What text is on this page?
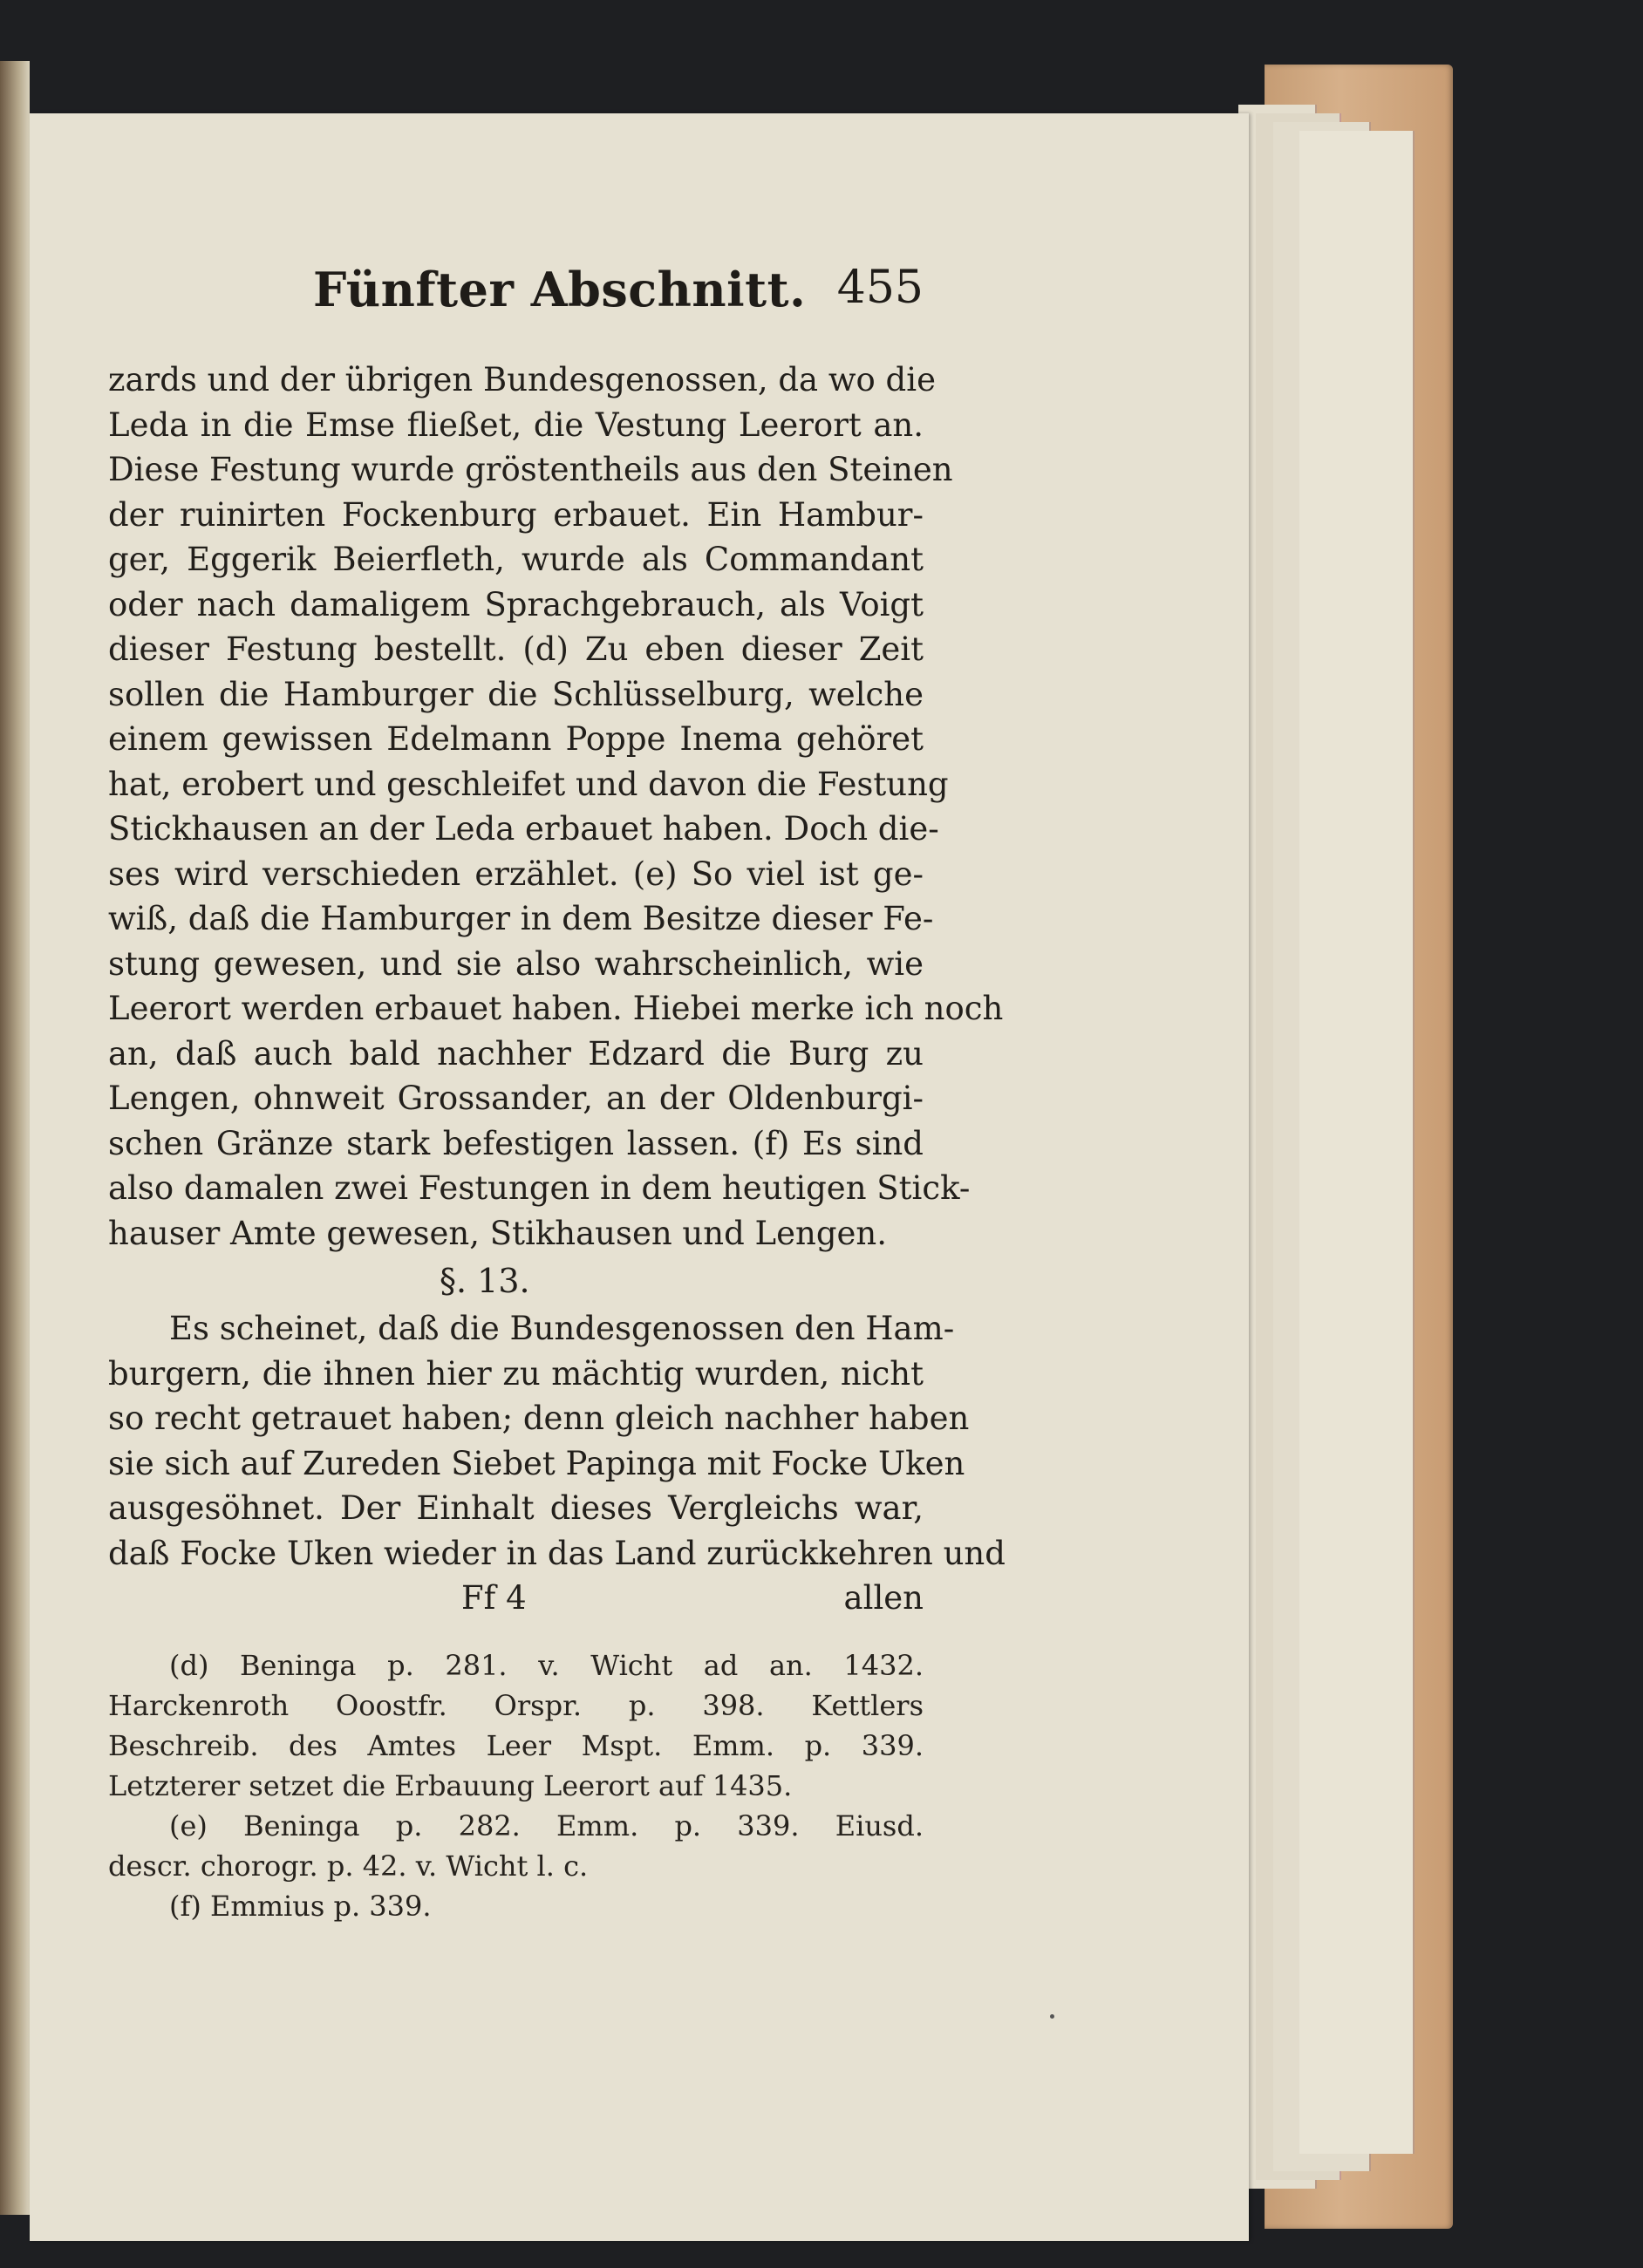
Fünfter Abschnitt. 455
zards und der übrigen Bundesgenossen, da wo die
Leda in die Emse fließet, die Vestung Leerort an.
Diese Festung wurde gröstentheils aus den Steinen
der ruinirten Fockenburg erbauet. Ein Hambur-
ger, Eggerik Beierfleth, wurde als Commandant
oder nach damaligem Sprachgebrauch, als Voigt
dieser Festung bestellt. (d) Zu eben dieser Zeit
sollen die Hamburger die Schlüsselburg, welche
einem gewissen Edelmann Poppe Inema gehöret
hat, erobert und geschleifet und davon die Festung
Stickhausen an der Leda erbauet haben. Doch die-
ses wird verschieden erzählet. (e) So viel ist ge-
wiß, daß die Hamburger in dem Besitze dieser Fe-
stung gewesen, und sie also wahrscheinlich, wie
Leerort werden erbauet haben. Hiebei merke ich noch
an, daß auch bald nachher Edzard die Burg zu
Lengen, ohnweit Grossander, an der Oldenburgi-
schen Gränze stark befestigen lassen. (f) Es sind
also damalen zwei Festungen in dem heutigen Stick-
hauser Amte gewesen, Stikhausen und Lengen.
§. 13.
Es scheinet, daß die Bundesgenossen den Ham-
burgern, die ihnen hier zu mächtig wurden, nicht
so recht getrauet haben; denn gleich nachher haben
sie sich auf Zureden Siebet Papinga mit Focke Uken
ausgesöhnet. Der Einhalt dieses Vergleichs war,
daß Focke Uken wieder in das Land zurückkehren und
Ff 4	allen
(d) Beninga p. 281. v. Wicht ad an. 1432.
Harckenroth Ooostfr. Orspr. p. 398. Kettlers
Beschreib. des Amtes Leer Mspt. Emm. p. 339.
Letzterer setzet die Erbauung Leerort auf 1435.
(e) Beninga p. 282. Emm. p. 339. Eiusd.
descr. chorogr. p. 42. v. Wicht l. c.
(f) Emmius p. 339.
